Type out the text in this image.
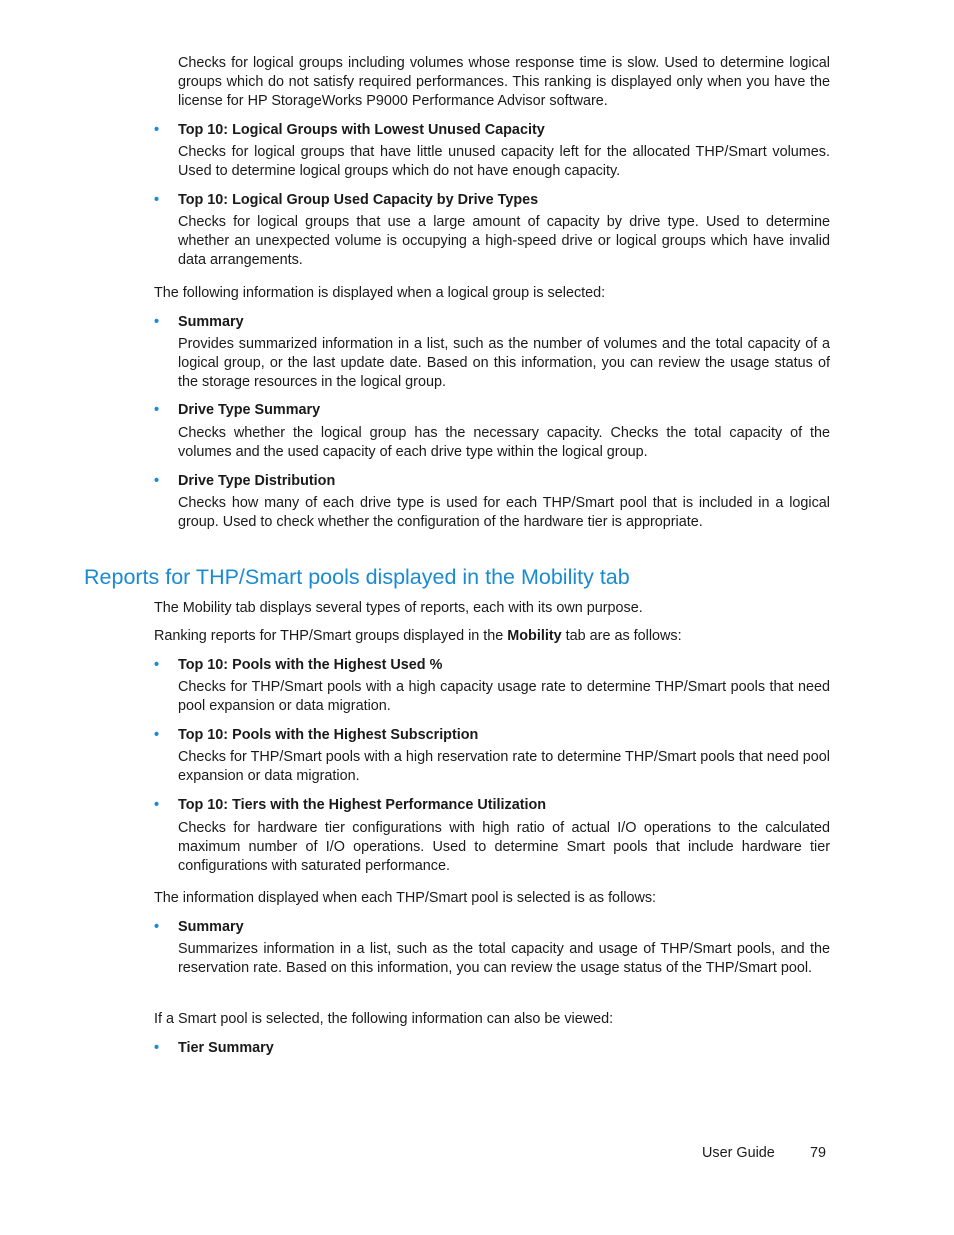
Checks for logical groups including volumes whose response time is slow. Used to determine logical groups which do not satisfy required performances. This ranking is displayed only when you have the license for HP StorageWorks P9000 Performance Advisor software.

• Top 10: Logical Groups with Lowest Unused Capacity

Checks for logical groups that have little unused capacity left for the allocated THP/Smart volumes. Used to determine logical groups which do not have enough capacity.

• Top 10: Logical Group Used Capacity by Drive Types

Checks for logical groups that use a large amount of capacity by drive type. Used to determine whether an unexpected volume is occupying a high-speed drive or logical groups which have invalid data arrangements.

The following information is displayed when a logical group is selected:

• Summary

Provides summarized information in a list, such as the number of volumes and the total capacity of a logical group, or the last update date. Based on this information, you can review the usage status of the storage resources in the logical group.

• Drive Type Summary

Checks whether the logical group has the necessary capacity. Checks the total capacity of the volumes and the used capacity of each drive type within the logical group.

• Drive Type Distribution

Checks how many of each drive type is used for each THP/Smart pool that is included in a logical group. Used to check whether the configuration of the hardware tier is appropriate.

Reports for THP/Smart pools displayed in the Mobility tab

The Mobility tab displays several types of reports, each with its own purpose.

Ranking reports for THP/Smart groups displayed in the Mobility tab are as follows:

• Top 10: Pools with the Highest Used %

Checks for THP/Smart pools with a high capacity usage rate to determine THP/Smart pools that need pool expansion or data migration.

• Top 10: Pools with the Highest Subscription

Checks for THP/Smart pools with a high reservation rate to determine THP/Smart pools that need pool expansion or data migration.

• Top 10: Tiers with the Highest Performance Utilization

Checks for hardware tier configurations with high ratio of actual I/O operations to the calculated maximum number of I/O operations. Used to determine Smart pools that include hardware tier configurations with saturated performance.

The information displayed when each THP/Smart pool is selected is as follows:

• Summary

Summarizes information in a list, such as the total capacity and usage of THP/Smart pools, and the reservation rate. Based on this information, you can review the usage status of the THP/Smart pool.

If a Smart pool is selected, the following information can also be viewed:

• Tier Summary
User Guide 79
